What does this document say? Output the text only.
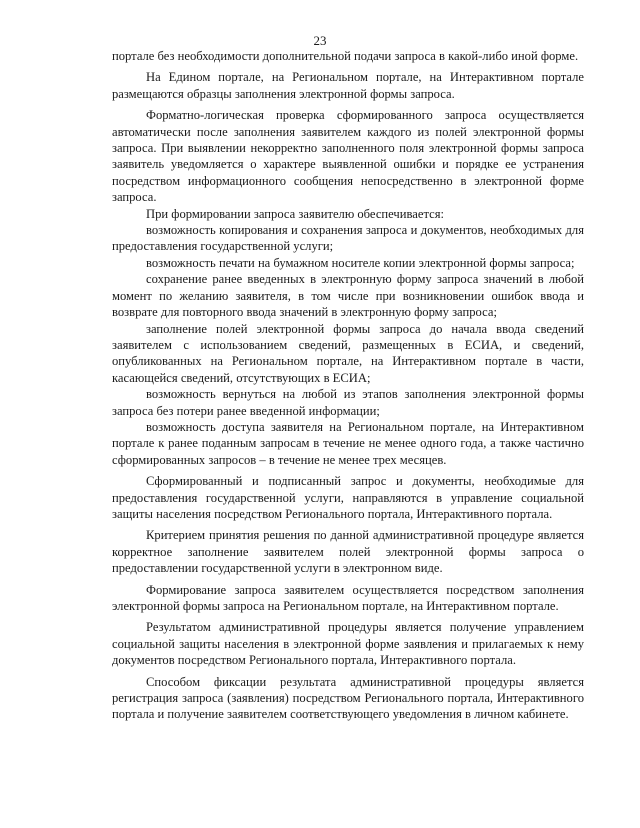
23

порталe без необходимости дополнительной подачи запроса в какой-либо иной форме.

На Едином портале, на Региональном портале, на Интерактивном портале размещаются образцы заполнения электронной формы запроса.

Форматно-логическая проверка сформированного запроса осуществляется автоматически после заполнения заявителем каждого из полей электронной формы запроса. При выявлении некорректно заполненного поля электронной формы запроса заявитель уведомляется о характере выявленной ошибки и порядке ее устранения посредством информационного сообщения непосредственно в электронной форме запроса.

При формировании запроса заявителю обеспечивается:

возможность копирования и сохранения запроса и документов, необходимых для предоставления государственной услуги;

возможность печати на бумажном носителе копии электронной формы запроса;

сохранение ранее введенных в электронную форму запроса значений в любой момент по желанию заявителя, в том числе при возникновении ошибок ввода и возврате для повторного ввода значений в электронную форму запроса;

заполнение полей электронной формы запроса до начала ввода сведений заявителем с использованием сведений, размещенных в ЕСИА, и сведений, опубликованных на Региональном портале, на Интерактивном портале в части, касающейся сведений, отсутствующих в ЕСИА;

возможность вернуться на любой из этапов заполнения электронной формы запроса без потери ранее введенной информации;

возможность доступа заявителя на Региональном портале, на Интерактивном портале к ранее поданным запросам в течение не менее одного года, а также частично сформированных запросов – в течение не менее трех месяцев.

Сформированный и подписанный запрос и документы, необходимые для предоставления государственной услуги, направляются в управление социальной защиты населения посредством Регионального портала, Интерактивного портала.

Критерием принятия решения по данной административной процедуре является корректное заполнение заявителем полей электронной формы запроса о предоставлении государственной услуги в электронном виде.

Формирование запроса заявителем осуществляется посредством заполнения электронной формы запроса на Региональном портале, на Интерактивном портале.

Результатом административной процедуры является получение управлением социальной защиты населения в электронной форме заявления и прилагаемых к нему документов посредством Регионального портала, Интерактивного портала.

Способом фиксации результата административной процедуры является регистрация запроса (заявления) посредством Регионального портала, Интерактивного портала и получение заявителем соответствующего уведомления в личном кабинете.
